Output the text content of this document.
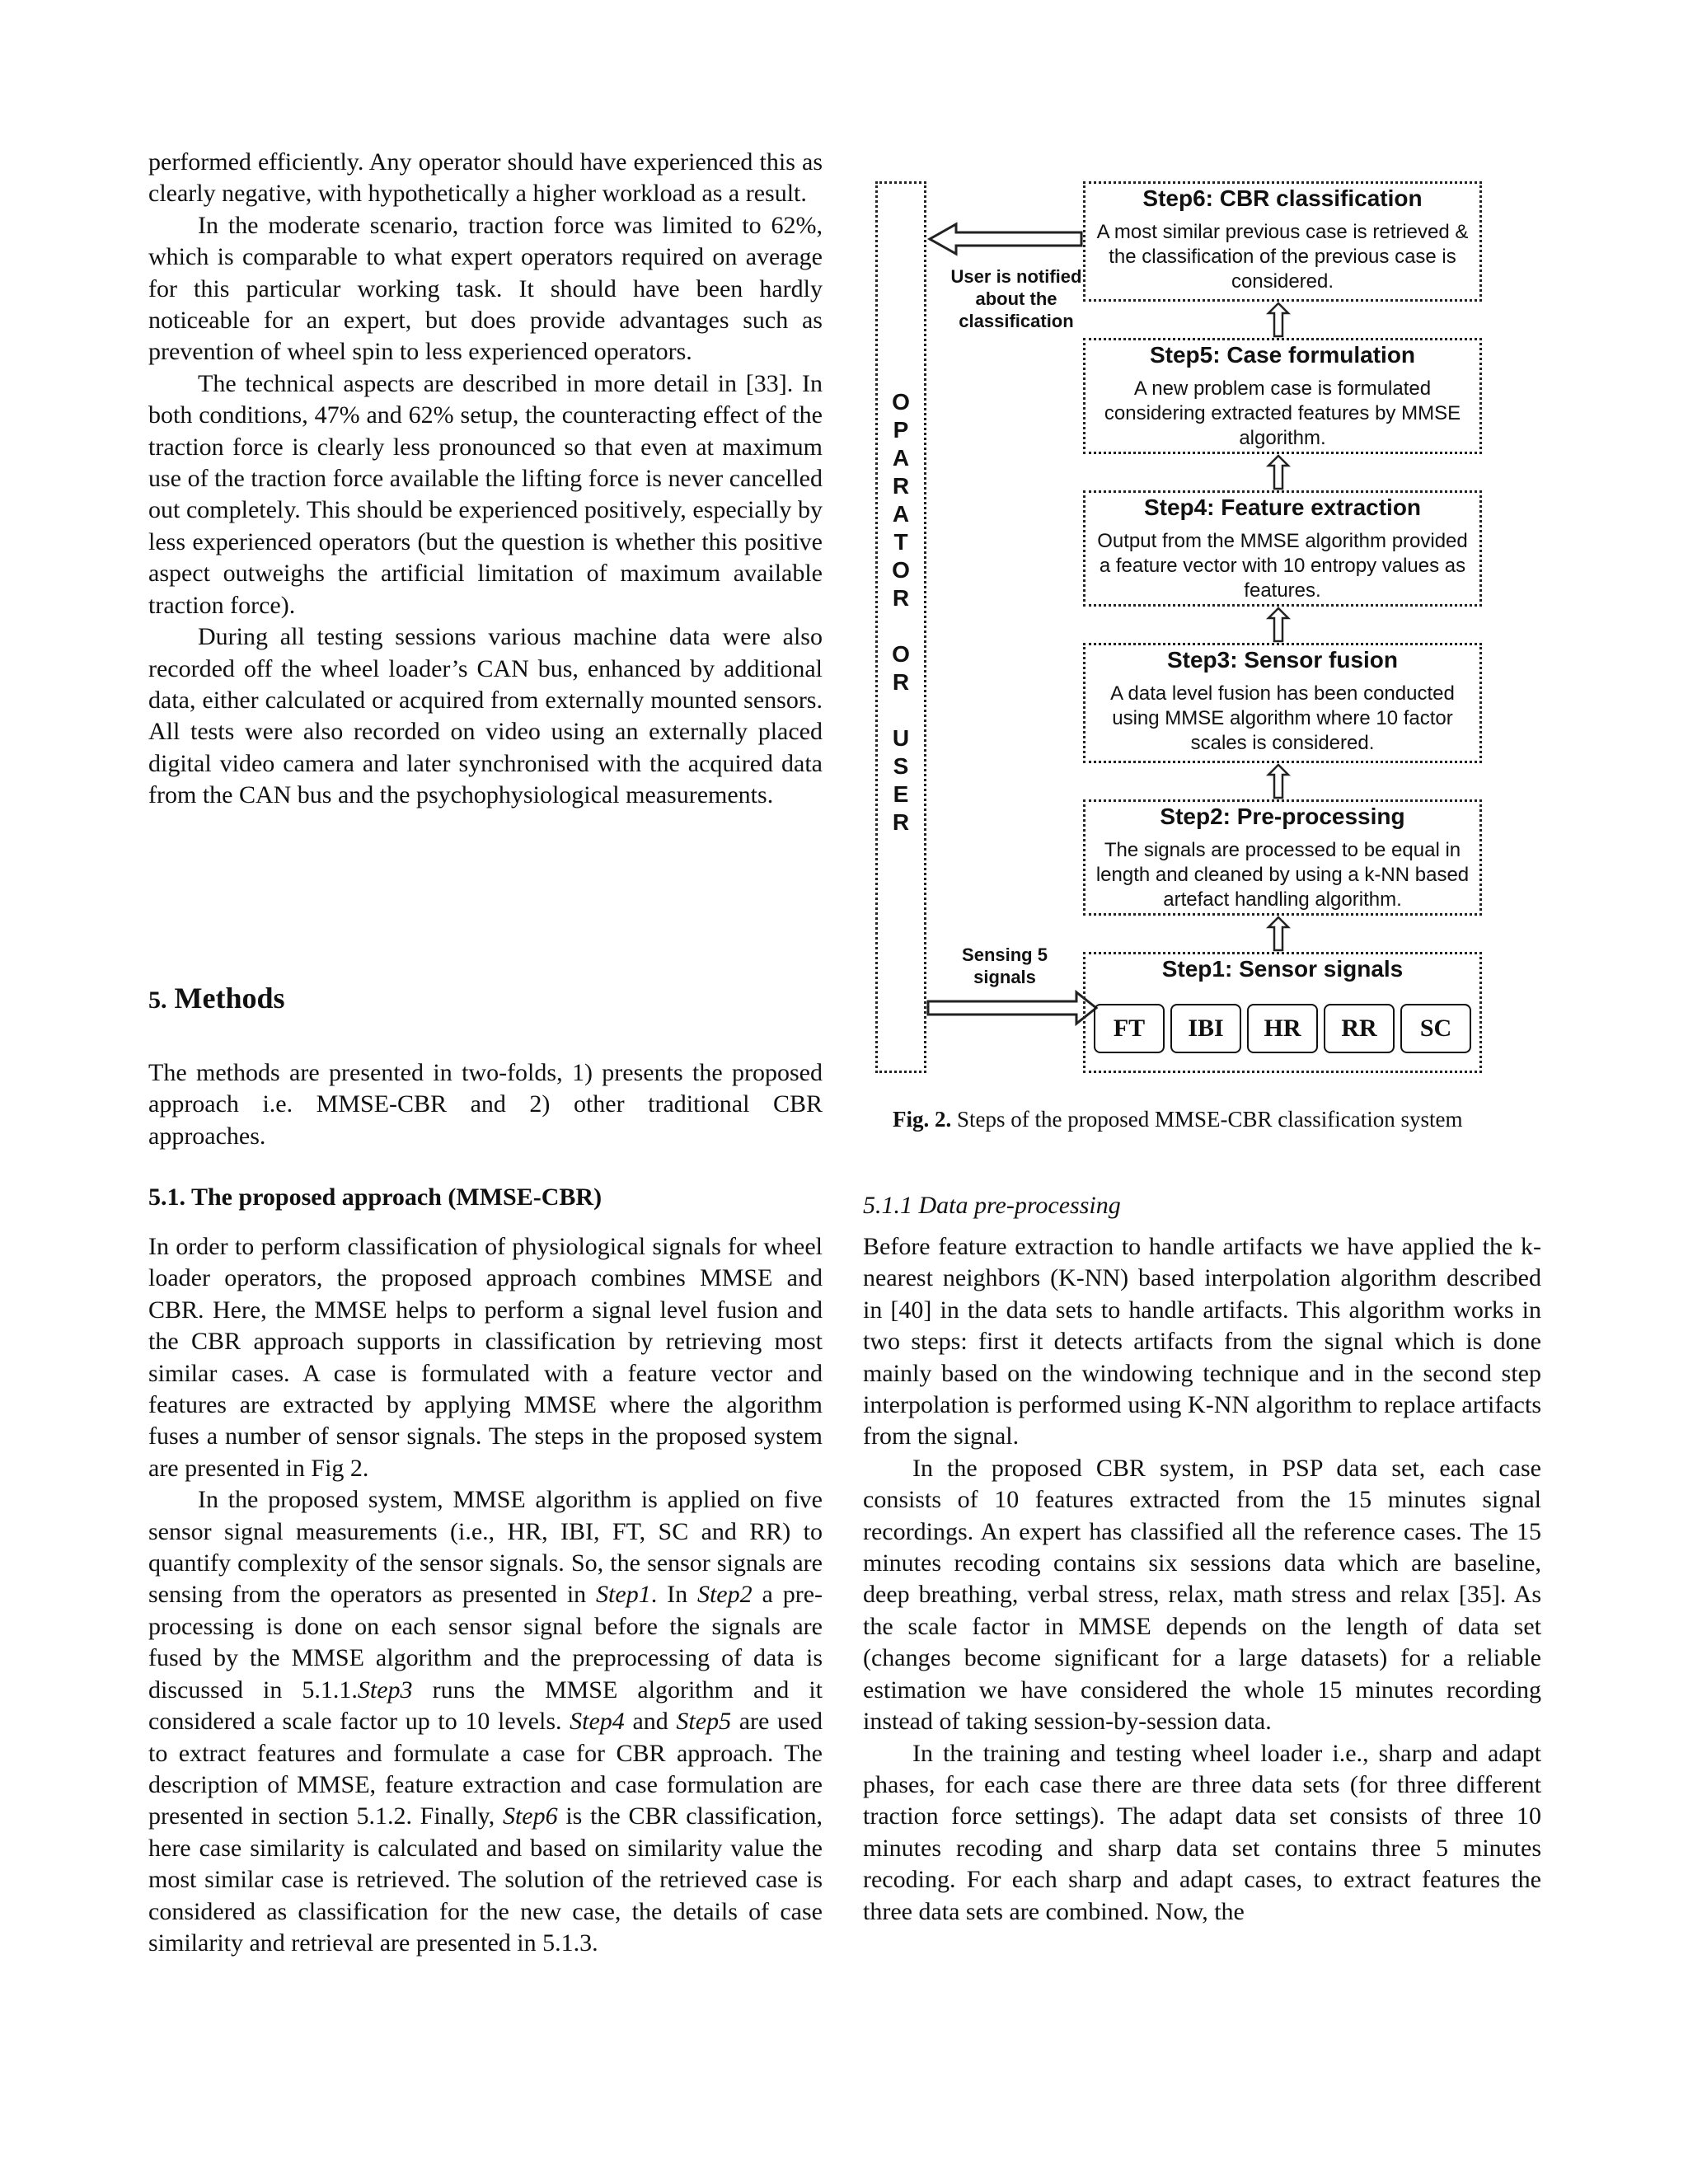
performed efficiently. Any operator should have experienced this as clearly negative, with hypothetically a higher workload as a result.

In the moderate scenario, traction force was limited to 62%, which is comparable to what expert operators required on average for this particular working task. It should have been hardly noticeable for an expert, but does provide advantages such as prevention of wheel spin to less experienced operators.

The technical aspects are described in more detail in [33]. In both conditions, 47% and 62% setup, the counteracting effect of the traction force is clearly less pronounced so that even at maximum use of the traction force available the lifting force is never cancelled out completely. This should be experienced positively, especially by less experienced operators (but the question is whether this positive aspect outweighs the artificial limitation of maximum available traction force).

During all testing sessions various machine data were also recorded off the wheel loader’s CAN bus, enhanced by additional data, either calculated or acquired from externally mounted sensors. All tests were also recorded on video using an externally placed digital video camera and later synchronised with the acquired data from the CAN bus and the psychophysiological measurements.

5. Methods
The methods are presented in two-folds, 1) presents the proposed approach i.e. MMSE-CBR and 2) other traditional CBR approaches.
5.1. The proposed approach (MMSE-CBR)

In order to perform classification of physiological signals for wheel loader operators, the proposed approach combines MMSE and CBR. Here, the MMSE helps to perform a signal level fusion and the CBR approach supports in classification by retrieving most similar cases. A case is formulated with a feature vector and features are extracted by applying MMSE where the algorithm fuses a number of sensor signals. The steps in the proposed system are presented in Fig 2.

In the proposed system, MMSE algorithm is applied on five sensor signal measurements (i.e., HR, IBI, FT, SC and RR) to quantify complexity of the sensor signals. So, the sensor signals are sensing from the operators as presented in Step1. In Step2 a pre-processing is done on each sensor signal before the signals are fused by the MMSE algorithm and the preprocessing of data is discussed in 5.1.1.Step3 runs the MMSE algorithm and it considered a scale factor up to 10 levels. Step4 and Step5 are used to extract features and formulate a case for CBR approach. The description of MMSE, feature extraction and case formulation are presented in section 5.1.2. Finally, Step6 is the CBR classification, here case similarity is calculated and based on similarity value the most similar case is retrieved. The solution of the retrieved case is considered as classification for the new case, the details of case similarity and retrieval are presented in 5.1.3.

O
P
A
R
A
T
O
R
O
R
U
S
E
R
User is notified about the classification
Sensing 5 signals
Step6: CBR classification
A most similar previous case is retrieved & the classification of the previous case is considered.
Step5: Case formulation
A new problem case is formulated considering extracted features by MMSE algorithm.
Step4: Feature extraction
Output from the MMSE algorithm provided a feature vector with 10 entropy values as features.
Step3: Sensor fusion
A data level fusion has been conducted using MMSE algorithm where 10 factor scales is considered.
Step2: Pre-processing
The signals are processed to be equal in length and cleaned by using a k-NN based artefact handling algorithm.
Step1: Sensor signals
FT	IBI	HR	RR	SC
Fig. 2. Steps of the proposed MMSE-CBR classification system
5.1.1 Data pre-processing

Before feature extraction to handle artifacts we have applied the k-nearest neighbors (K-NN) based interpolation algorithm described in [40] in the data sets to handle artifacts. This algorithm works in two steps: first it detects artifacts from the signal which is done mainly based on the windowing technique and in the second step interpolation is performed using K-NN algorithm to replace artifacts from the signal.

In the proposed CBR system, in PSP data set, each case consists of 10 features extracted from the 15 minutes signal recordings. An expert has classified all the reference cases. The 15 minutes recoding contains six sessions data which are baseline, deep breathing, verbal stress, relax, math stress and relax [35]. As the scale factor in MMSE depends on the length of data set (changes become significant for a large datasets) for a reliable estimation we have considered the whole 15 minutes recording instead of taking session-by-session data.

In the training and testing wheel loader i.e., sharp and adapt phases, for each case there are three data sets (for three different traction force settings). The adapt data set consists of three 10 minutes recoding and sharp data set contains three 5 minutes recoding. For each sharp and adapt cases, to extract features the three data sets are combined. Now, the
